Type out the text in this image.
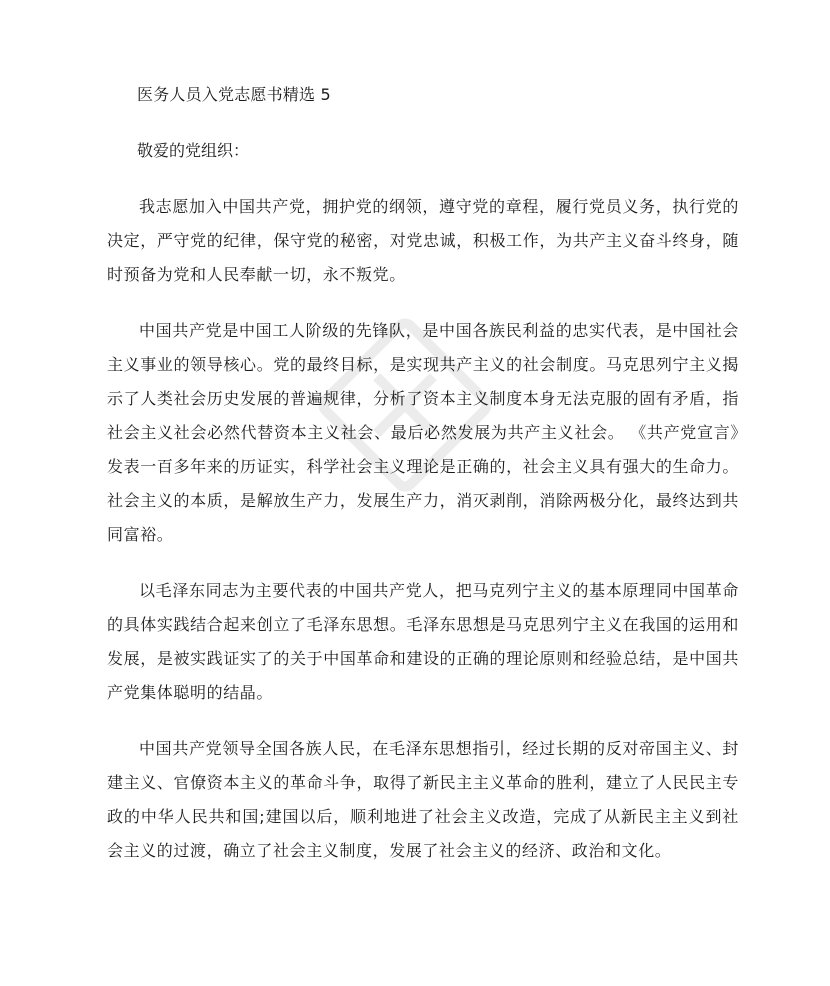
医务人员入党志愿书精选 5

敬爱的党组织：

我志愿加入中国共产党，拥护党的纲领，遵守党的章程，履行党员义务，执行党的决定，严守党的纪律，保守党的秘密，对党忠诚，积极工作，为共产主义奋斗终身，随时预备为党和人民奉献一切，永不叛党。

中国共产党是中国工人阶级的先锋队，是中国各族民利益的忠实代表，是中国社会主义事业的领导核心。党的最终目标，是实现共产主义的社会制度。马克思列宁主义揭示了人类社会历史发展的普遍规律，分析了资本主义制度本身无法克服的固有矛盾，指社会主义社会必然代替资本主义社会、最后必然发展为共产主义社会。 《共产党宣言》发表一百多年来的历证实，科学社会主义理论是正确的，社会主义具有强大的生命力。社会主义的本质，是解放生产力，发展生产力，消灭剥削，消除两极分化，最终达到共同富裕。

以毛泽东同志为主要代表的中国共产党人，把马克列宁主义的基本原理同中国革命的具体实践结合起来创立了毛泽东思想。毛泽东思想是马克思列宁主义在我国的运用和发展，是被实践证实了的关于中国革命和建设的正确的理论原则和经验总结，是中国共产党集体聪明的结晶。

中国共产党领导全国各族人民，在毛泽东思想指引，经过长期的反对帝国主义、封建主义、官僚资本主义的革命斗争，取得了新民主主义革命的胜利，建立了人民民主专政的中华人民共和国;建国以后，顺利地进了社会主义改造，完成了从新民主主义到社会主义的过渡，确立了社会主义制度，发展了社会主义的经济、政治和文化。
